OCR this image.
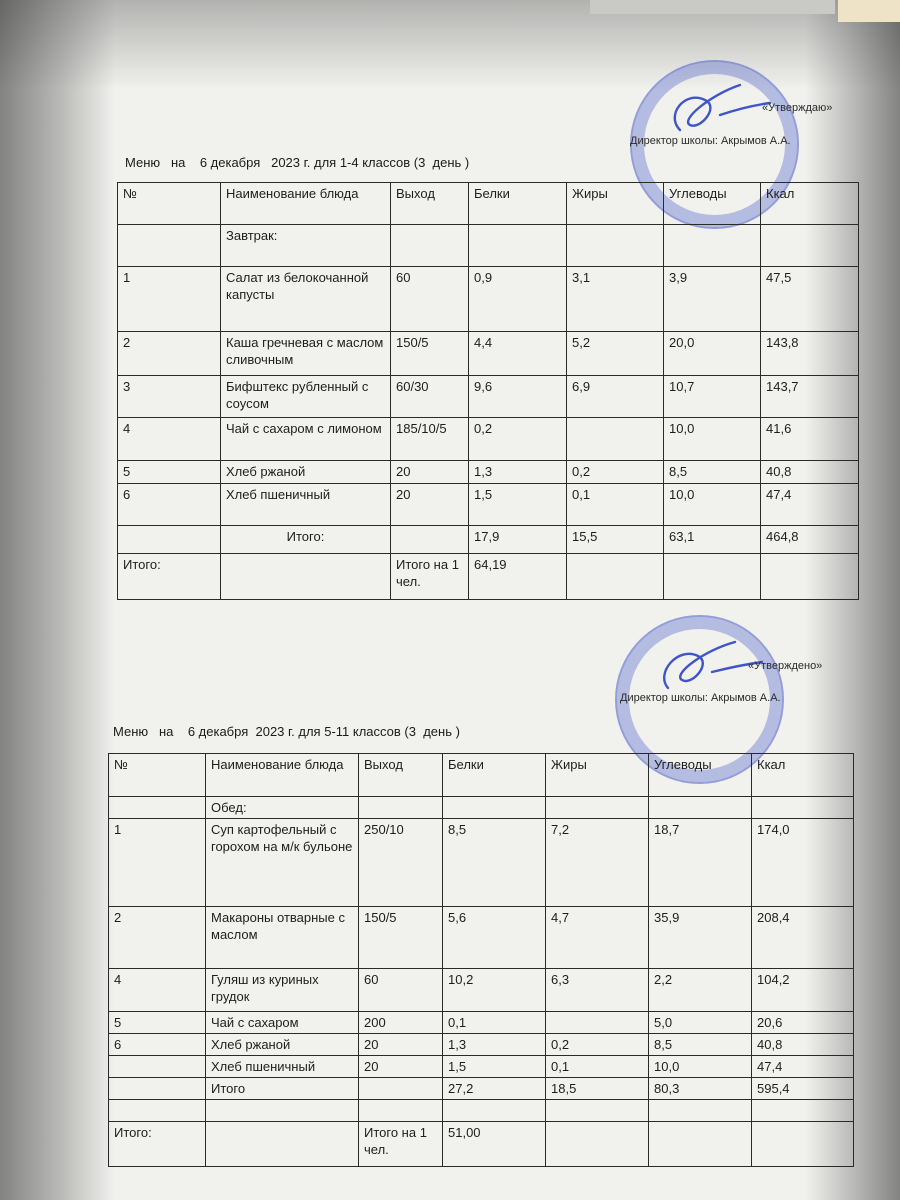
«Утверждаю»
Директор школы: Акрымов А.А.
Меню   на    6 декабря   2023 г. для 1-4 классов (3  день )
№	Наименование блюда	Выход	Белки	Жиры	Углеводы	Ккал
	Завтрак:					
1	Салат из белокочанной капусты	60	0,9	3,1	3,9	47,5
2	Каша гречневая с маслом сливочным	150/5	4,4	5,2	20,0	143,8
3	Бифштекс рубленный с соусом	60/30	9,6	6,9	10,7	143,7
4	Чай с сахаром с лимоном	185/10/5	0,2		10,0	41,6
5	Хлеб ржаной	20	1,3	0,2	8,5	40,8
6	Хлеб пшеничный	20	1,5	0,1	10,0	47,4
	Итого:		17,9	15,5	63,1	464,8
Итого:		Итого на 1 чел.	64,19			
«Утверждено»
Директор школы: Акрымов А.А.
Меню   на    6 декабря  2023 г. для 5-11 классов (3  день )
№	Наименование блюда	Выход	Белки	Жиры	Углеводы	Ккал
	Обед:					
1	Суп картофельный с горохом на м/к бульоне	250/10	8,5	7,2	18,7	174,0
2	Макароны отварные с маслом	150/5	5,6	4,7	35,9	208,4
4	Гуляш из куриных грудок	60	10,2	6,3	2,2	104,2
5	Чай с сахаром	200	0,1		5,0	20,6
6	Хлеб ржаной	20	1,3	0,2	8,5	40,8
	Хлеб пшеничный	20	1,5	0,1	10,0	47,4
	Итого		27,2	18,5	80,3	595,4

Итого:		Итого на 1 чел.	51,00			
